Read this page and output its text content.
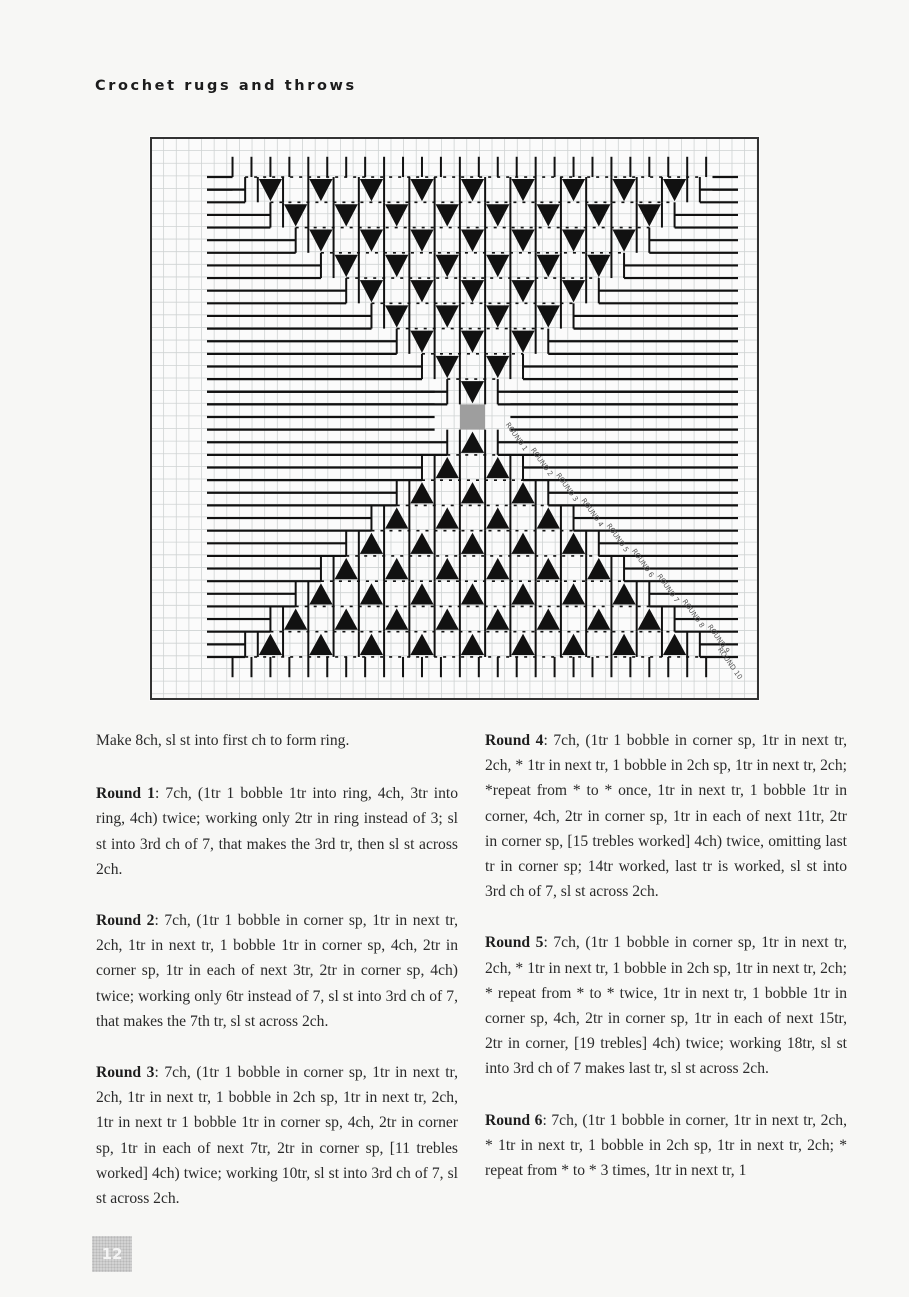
Crochet rugs and throws
ROUND 1
ROUND 2
ROUND 3
ROUND 4
ROUND 5
ROUND 6
ROUND 7
ROUND 8
ROUND 9
ROUND 10

Make 8ch, sl st into first ch to form ring.

Round 1: 7ch, (1tr 1 bobble 1tr into ring, 4ch, 3tr into ring, 4ch) twice; working only 2tr in ring instead of 3; sl st into 3rd ch of 7, that makes the 3rd tr, then sl st across 2ch.

Round 2: 7ch, (1tr 1 bobble in corner sp, 1tr in next tr, 2ch, 1tr in next tr, 1 bobble 1tr in corner sp, 4ch, 2tr in corner sp, 1tr in each of next 3tr, 2tr in corner sp, 4ch) twice; working only 6tr instead of 7, sl st into 3rd ch of 7, that makes the 7th tr, sl st across 2ch.

Round 3: 7ch, (1tr 1 bobble in corner sp, 1tr in next tr, 2ch, 1tr in next tr, 1 bobble in 2ch sp, 1tr in next tr, 2ch, 1tr in next tr 1 bobble 1tr in corner sp, 4ch, 2tr in corner sp, 1tr in each of next 7tr, 2tr in corner sp, [11 trebles worked] 4ch) twice; working 10tr, sl st into 3rd ch of 7, sl st across 2ch.

Round 4: 7ch, (1tr 1 bobble in corner sp, 1tr in next tr, 2ch, * 1tr in next tr, 1 bobble in 2ch sp, 1tr in next tr, 2ch; *repeat from * to * once, 1tr in next tr, 1 bobble 1tr in corner, 4ch, 2tr in corner sp, 1tr in each of next 11tr, 2tr in corner sp, [15 trebles worked] 4ch) twice, omitting last tr in corner sp; 14tr worked, last tr is worked, sl st into 3rd ch of 7, sl st across 2ch.

Round 5: 7ch, (1tr 1 bobble in corner sp, 1tr in next tr, 2ch, * 1tr in next tr, 1 bobble in 2ch sp, 1tr in next tr, 2ch; * repeat from * to * twice, 1tr in next tr, 1 bobble 1tr in corner sp, 4ch, 2tr in corner sp, 1tr in each of next 15tr, 2tr in corner, [19 trebles] 4ch) twice; working 18tr, sl st into 3rd ch of 7 makes last tr, sl st across 2ch.

Round 6: 7ch, (1tr 1 bobble in corner, 1tr in next tr, 2ch, * 1tr in next tr, 1 bobble in 2ch sp, 1tr in next tr, 2ch; * repeat from * to * 3 times, 1tr in next tr, 1

12
